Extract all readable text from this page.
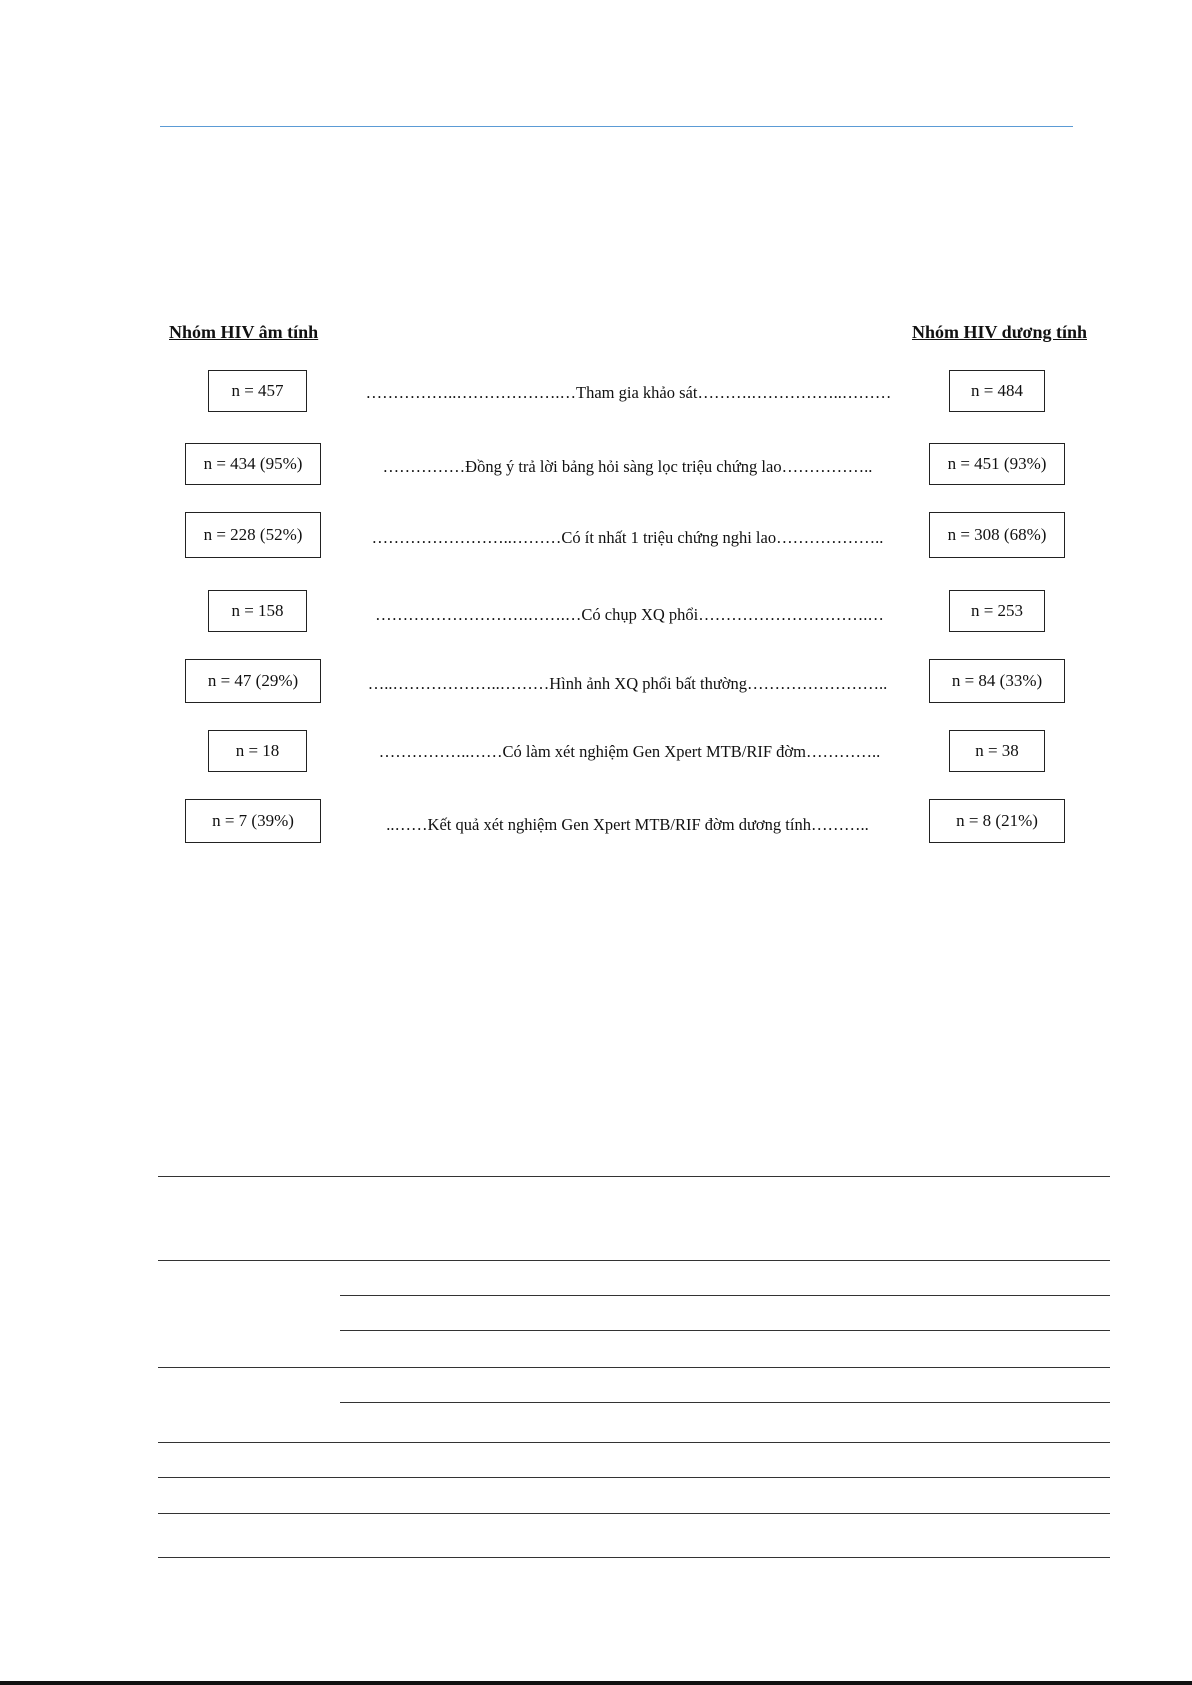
Nhóm HIV âm tính	Nhóm HIV dương tính
n = 457	……………..……………….…Tham gia khảo sát……….……………..………	n = 484
n = 434 (95%)	……………Đồng ý trả lời bảng hỏi sàng lọc triệu chứng lao……………..	n = 451 (93%)
n = 228 (52%)	……………………..………Có ít nhất 1 triệu chứng nghi lao………………..	n = 308 (68%)
n = 158	……………………….…….…Có chụp XQ phổi………………………….…	n = 253
n = 47 (29%)	…..………………..………Hình ảnh XQ phổi bất thường……………………..	n = 84 (33%)
n = 18	……………..……Có làm xét nghiệm Gen Xpert MTB/RIF đờm…………..	n = 38
n = 7 (39%)	..……Kết quả xét nghiệm Gen Xpert MTB/RIF đờm dương tính………..	n = 8 (21%)
